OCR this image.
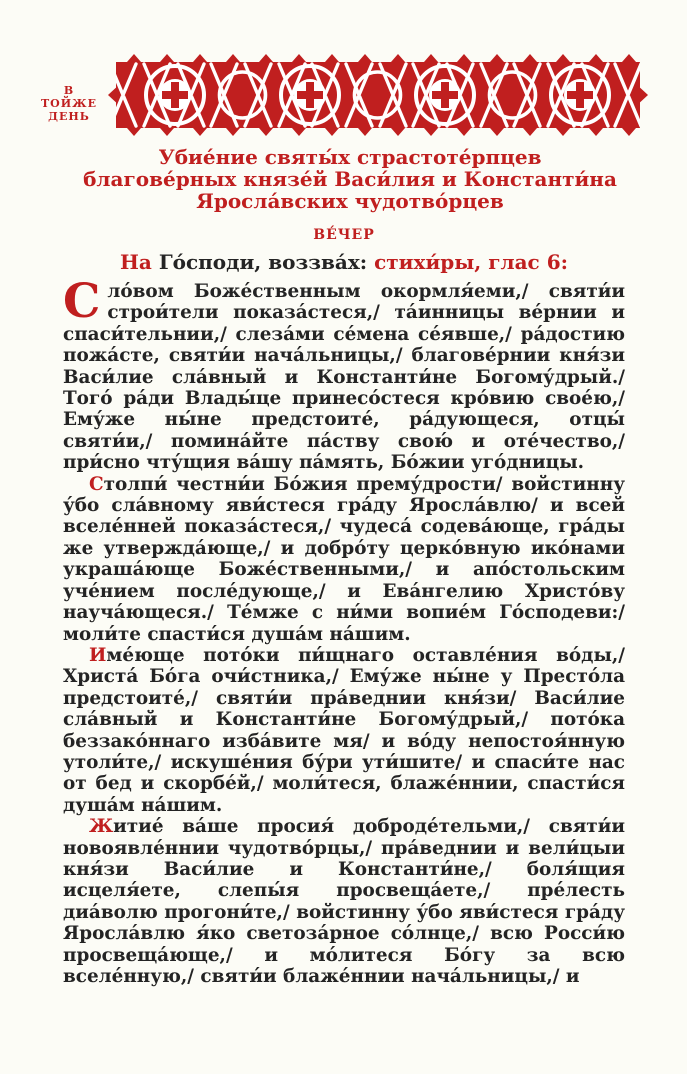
В
ТОЙЖЕ
ДЕНЬ
Убие́ние святы́х страстоте́рпцев
благове́рных князе́й Васи́лия и Константи́на
Яросла́вских чудотво́рцев
ВЕ́ЧЕР
На Го́споди, воззва́х: стихи́ры, глас 6:

Сло́вом Боже́ственным окормля́еми,/ святи́и строи́тели показа́стеся,/ та́инницы ве́рнии и спаси́тельнии,/ слеза́ми се́мена се́явше,/ ра́достию пожа́сте, святи́и нача́льницы,/ благове́рнии кня́зи Васи́лие сла́вный и Константи́не Богому́дрый./ Того́ ра́ди Влады́це принесо́стеся кро́вию свое́ю,/ Ему́же ны́не предстоите́, ра́дующеся, отцы́ святи́и,/ помина́йте па́ству свою́ и оте́чество,/ при́сно чту́щия ва́шу па́мять, Бо́жии уго́дницы.

Столпи́ честни́и Бо́жия прему́дрости/ войстинну у́бо сла́вному яви́стеся гра́ду Яросла́влю/ и всей вселе́нней показа́стеся,/ чудеса́ содева́юще, гра́ды же утвержда́юще,/ и добро́ту церко́вную ико́нами украша́юще Боже́ственными,/ и апо́стольским уче́нием после́дующе,/ и Ева́нгелию Христо́ву науча́ющеся./ Те́мже с ни́ми вопие́м Го́сподеви:/ моли́те спасти́ся душа́м на́шим.

Име́юще пото́ки пи́щнаго оставле́ния во́ды,/ Христа́ Бо́га очи́стника,/ Ему́же ны́не у Престо́ла предстоите́,/ святи́и пра́веднии кня́зи/ Васи́лие сла́вный и Константи́не Богому́дрый,/ пото́ка беззако́ннаго изба́вите мя/ и во́ду непостоя́нную утоли́те,/ искуше́ния бу́ри ути́шите/ и спаси́те нас от бед и скорбе́й,/ моли́теся, блаже́ннии, спасти́ся душа́м на́шим.

Житие́ ва́ше просия́ доброде́тельми,/ святи́и новоявле́ннии чудотво́рцы,/ пра́веднии и вели́цыи кня́зи Васи́лие и Константи́не,/ боля́щия исцеля́ете, слепы́я просвеща́ете,/ пре́лесть диа́волю прогони́те,/ войстинну у́бо яви́стеся гра́ду Яросла́влю я́ко светоза́рное со́лнце,/ всю Росси́ю просвеща́юще,/ и мо́литеся Бо́гу за всю вселе́нную,/ святи́и блаже́ннии нача́льницы,/ и
